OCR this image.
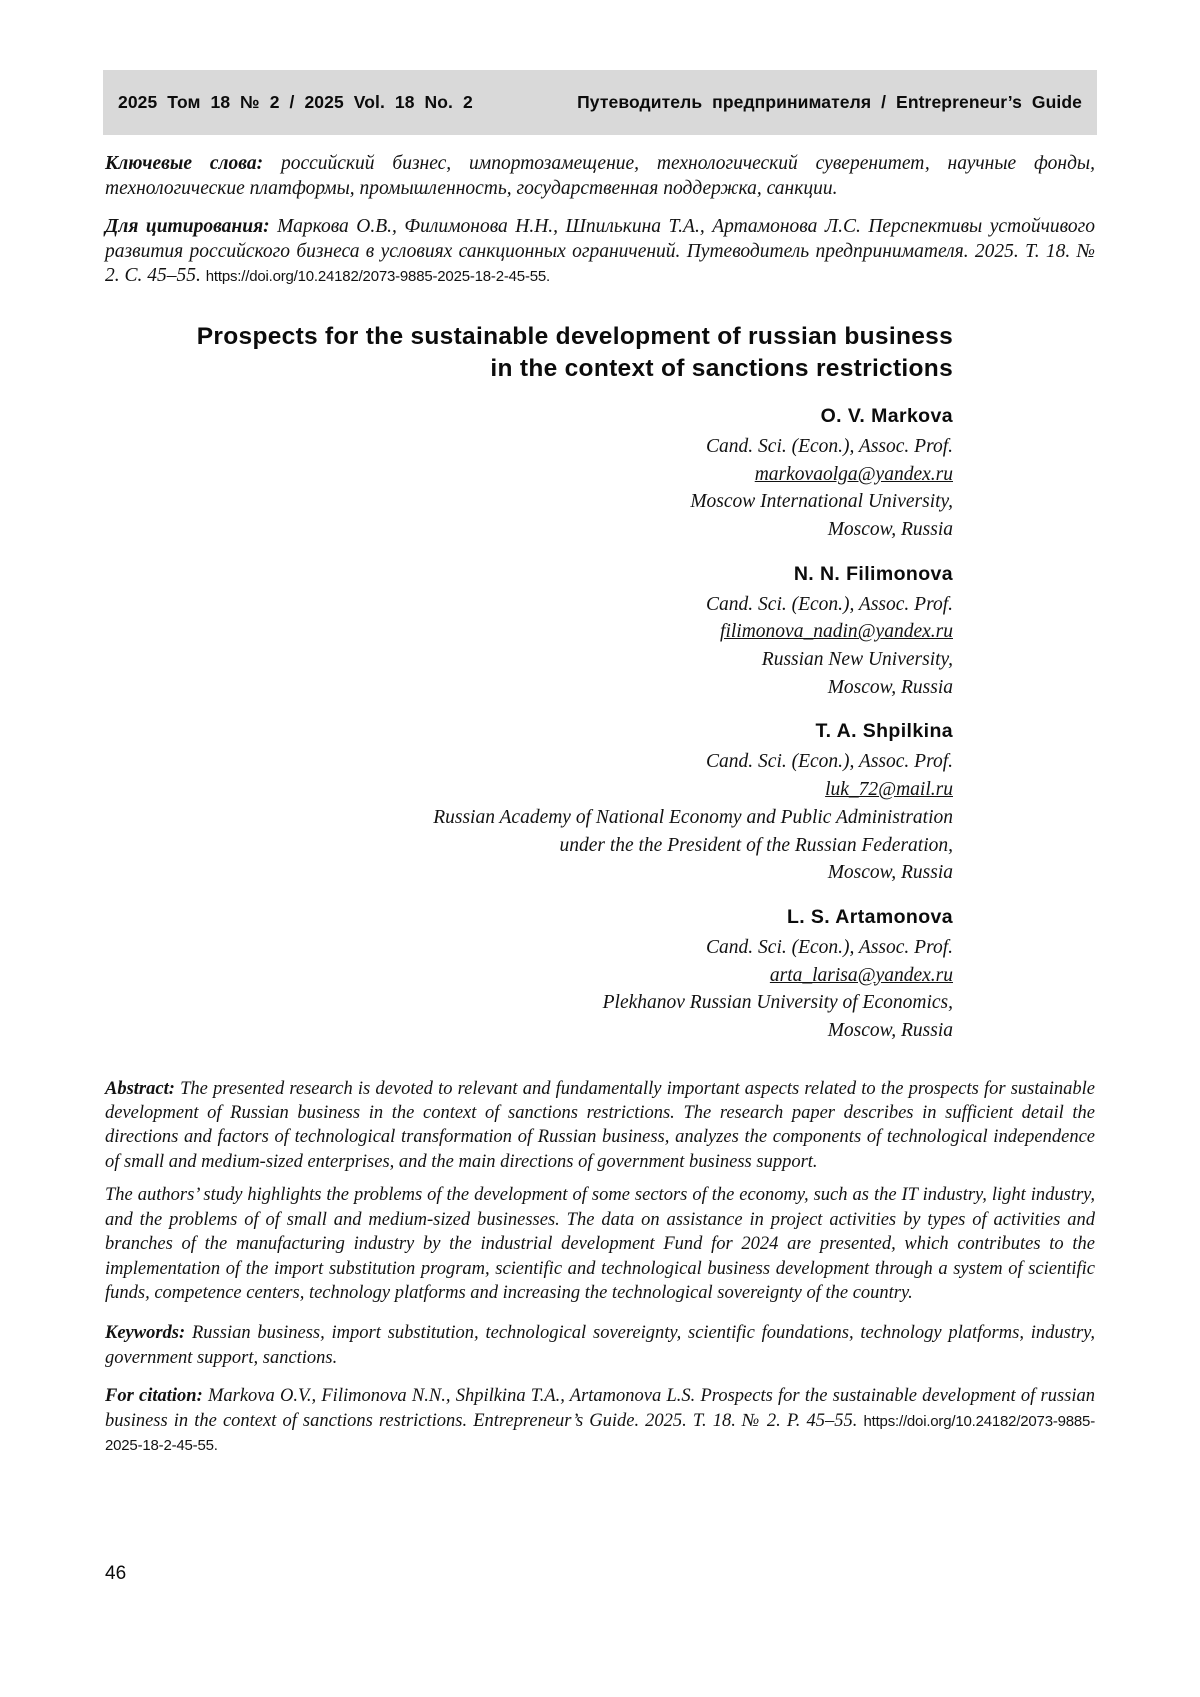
2025 Том 18 № 2 / 2025 Vol. 18 No. 2	Путеводитель предпринимателя / Entrepreneur’s Guide

Ключевые слова: российский бизнес, импортозамещение, технологический суверенитет, научные фонды, технологические платформы, промышленность, государственная поддержка, санкции.

Для цитирования: Маркова О.В., Филимонова Н.Н., Шпилькина Т.А., Артамонова Л.С. Перспективы устойчивого развития российского бизнеса в условиях санкционных ограничений. Путеводитель предпринимателя. 2025. Т. 18. № 2. С. 45–55. https://doi.org/10.24182/2073-9885-2025-18-2-45-55.

Prospects for the sustainable development of russian business
in the context of sanctions restrictions
O. V. Markova
Cand. Sci. (Econ.), Assoc. Prof.
markovaolga@yandex.ru
Moscow International University,
Moscow, Russia
N. N. Filimonova
Cand. Sci. (Econ.), Assoc. Prof.
filimonova_nadin@yandex.ru
Russian New University,
Moscow, Russia
T. A. Shpilkina
Cand. Sci. (Econ.), Assoc. Prof.
luk_72@mail.ru
Russian Academy of National Economy and Public Administration
under the the President of the Russian Federation,
Moscow, Russia
L. S. Artamonova
Cand. Sci. (Econ.), Assoc. Prof.
arta_larisa@yandex.ru
Plekhanov Russian University of Economics,
Moscow, Russia

Abstract: The presented research is devoted to relevant and fundamentally important aspects related to the prospects for sustainable development of Russian business in the context of sanctions restrictions. The research paper describes in sufficient detail the directions and factors of technological transformation of Russian business, analyzes the components of technological independence of small and medium-sized enterprises, and the main directions of government business support.

The authors’ study highlights the problems of the development of some sectors of the economy, such as the IT industry, light industry, and the problems of of small and medium-sized businesses. The data on assistance in project activities by types of activities and branches of the manufacturing industry by the industrial development Fund for 2024 are presented, which contributes to the implementation of the import substitution program, scientific and technological business development through a system of scientific funds, competence centers, technology platforms and increasing the technological sovereignty of the country.

Keywords: Russian business, import substitution, technological sovereignty, scientific foundations, technology platforms, industry, government support, sanctions.

For citation: Markova O.V., Filimonova N.N., Shpilkina T.A., Artamonova L.S. Prospects for the sustainable development of russian business in the context of sanctions restrictions. Entrepreneur’s Guide. 2025. Т. 18. № 2. P. 45–55. https://doi.org/10.24182/2073-9885-2025-18-2-45-55.

46
